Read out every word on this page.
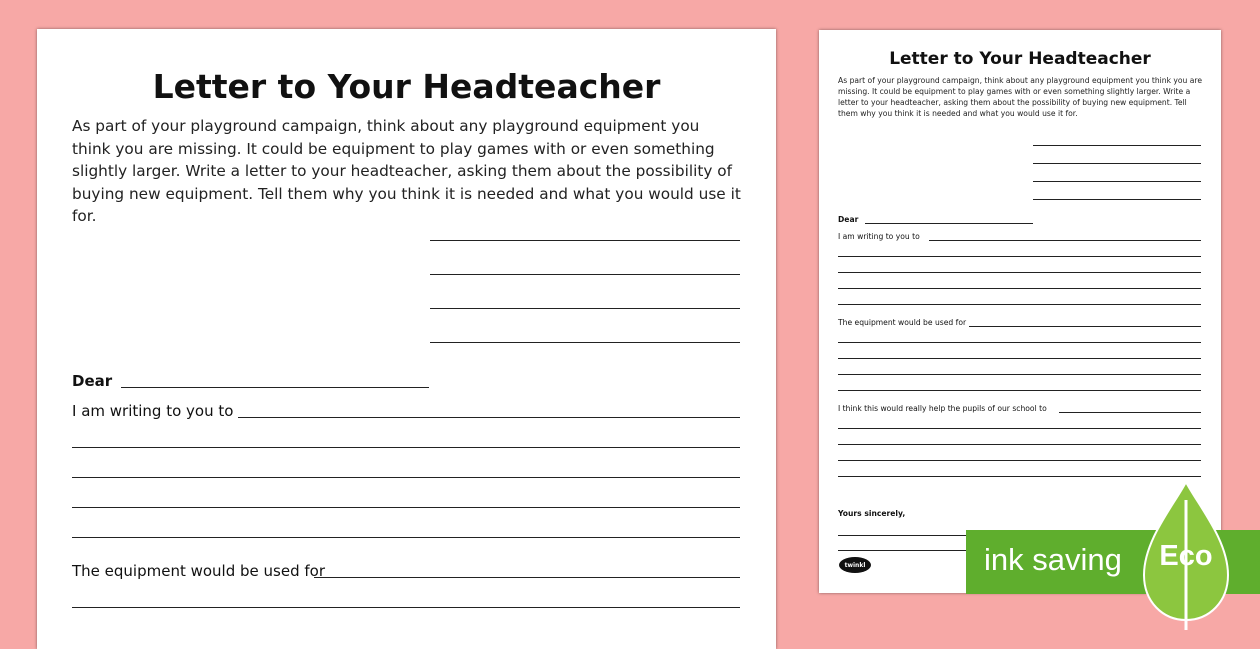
Letter to Your Headteacher

As part of your playground campaign, think about any playground equipment you think you are missing. It could be equipment to play games with or even something slightly larger. Write a letter to your headteacher, asking them about the possibility of buying new equipment. Tell them why you think it is needed and what you would use it for.

Dear
I am writing to you to
The equipment would be used for
Letter to Your Headteacher

As part of your playground campaign, think about any playground equipment you think you are missing. It could be equipment to play games with or even something slightly larger. Write a letter to your headteacher, asking them about the possibility of buying new equipment. Tell them why you think it is needed and what you would use it for.

Dear
I am writing to you to
The equipment would be used for
I think this would really help the pupils of our school to
Yours sincerely,
twinkl	ink saving	Eco
